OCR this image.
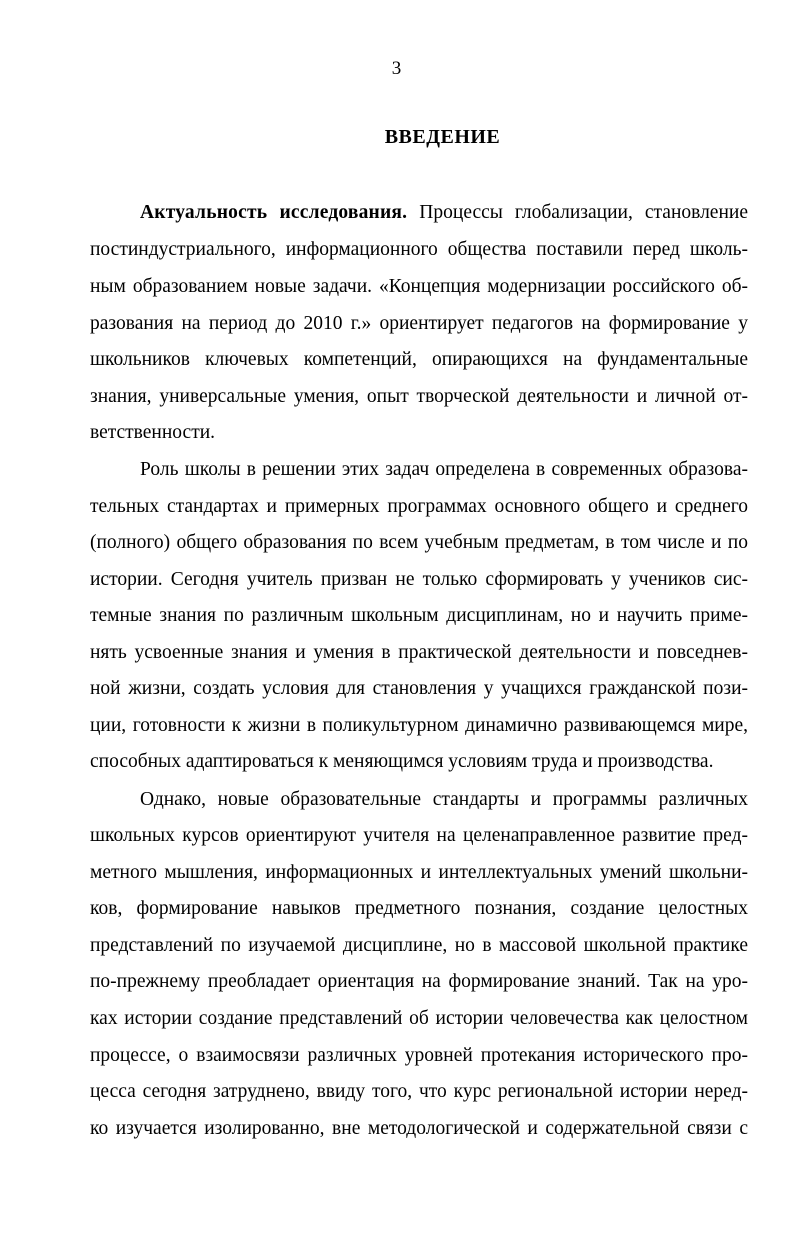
3
ВВЕДЕНИЕ
Актуальность исследования. Процессы глобализации, становление
постиндустриального, информационного общества поставили перед школь-
ным образованием новые задачи. «Концепция модернизации российского об-
разования на период до 2010 г.» ориентирует педагогов на формирование у
школьников ключевых компетенций, опирающихся на фундаментальные
знания, универсальные умения, опыт творческой деятельности и личной от-
ветственности.
Роль школы в решении этих задач определена в современных образова-
тельных стандартах и примерных программах основного общего и среднего
(полного) общего образования по всем учебным предметам, в том числе и по
истории. Сегодня учитель призван не только сформировать у учеников сис-
темные знания по различным школьным дисциплинам, но и научить приме-
нять усвоенные знания и умения в практической деятельности и повседнев-
ной жизни, создать условия для становления у учащихся гражданской пози-
ции, готовности к жизни в поликультурном динамично развивающемся мире,
способных адаптироваться к меняющимся условиям труда и производства.
Однако, новые образовательные стандарты и программы различных
школьных курсов ориентируют учителя на целенаправленное развитие пред-
метного мышления, информационных и интеллектуальных умений школьни-
ков, формирование навыков предметного познания, создание целостных
представлений по изучаемой дисциплине, но в массовой школьной практике
по-прежнему преобладает ориентация на формирование знаний. Так на уро-
ках истории создание представлений об истории человечества как целостном
процессе, о взаимосвязи различных уровней протекания исторического про-
цесса сегодня затруднено, ввиду того, что курс региональной истории неред-
ко изучается изолированно, вне методологической и содержательной связи с
